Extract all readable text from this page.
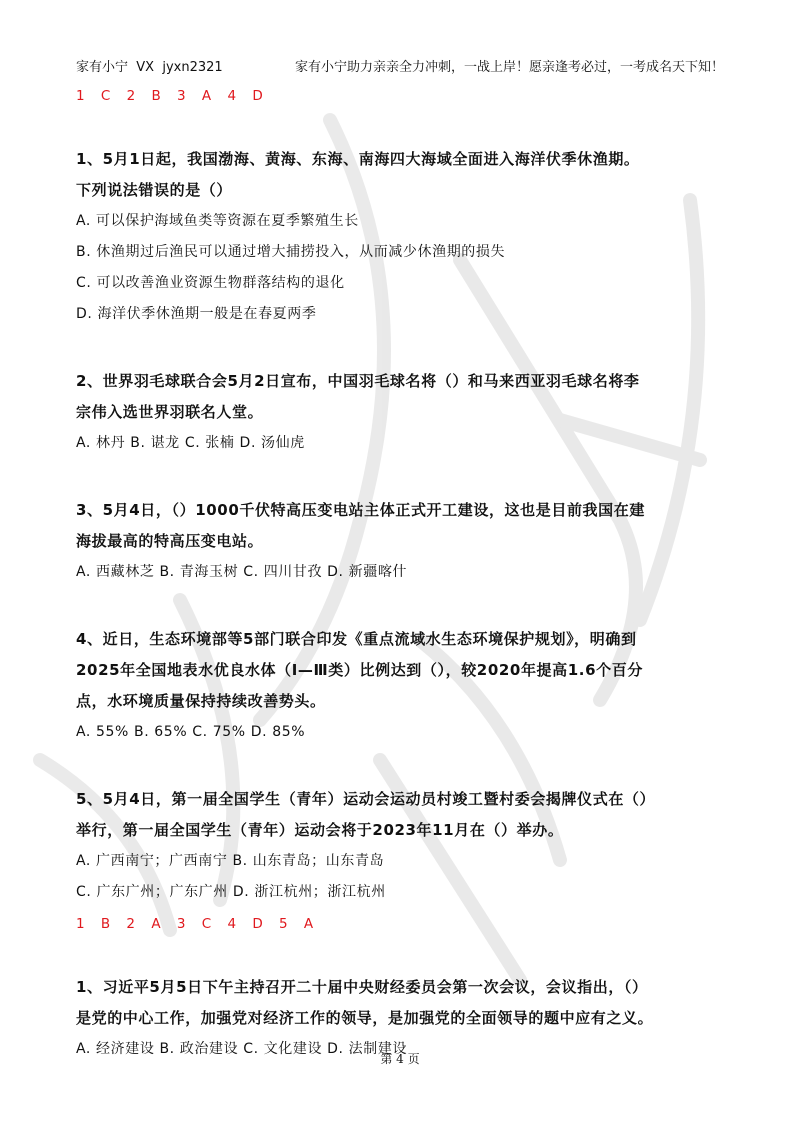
家有小宁  VX  jyxn2321	家有小宁助力亲亲全力冲刺，一战上岸！愿亲逢考必过，一考成名天下知！
1 C 2 B 3 A 4 D
1、5月1日起，我国渤海、黄海、东海、南海四大海域全面进入海洋伏季休渔期。
下列说法错误的是（）
A. 可以保护海域鱼类等资源在夏季繁殖生长
B. 休渔期过后渔民可以通过增大捕捞投入，从而减少休渔期的损失
C. 可以改善渔业资源生物群落结构的退化
D. 海洋伏季休渔期一般是在春夏两季
2、世界羽毛球联合会5月2日宣布，中国羽毛球名将（）和马来西亚羽毛球名将李
宗伟入选世界羽联名人堂。
A. 林丹 B. 谌龙 C. 张楠 D. 汤仙虎
3、5月4日，（）1000千伏特高压变电站主体正式开工建设，这也是目前我国在建
海拔最高的特高压变电站。
A. 西藏林芝 B. 青海玉树 C. 四川甘孜 D. 新疆喀什
4、近日，生态环境部等5部门联合印发《重点流域水生态环境保护规划》，明确到
2025年全国地表水优良水体（Ⅰ—Ⅲ类）比例达到（），较2020年提高1.6个百分
点，水环境质量保持持续改善势头。
A. 55% B. 65% C. 75% D. 85%
5、5月4日，第一届全国学生（青年）运动会运动员村竣工暨村委会揭牌仪式在（）
举行，第一届全国学生（青年）运动会将于2023年11月在（）举办。
A. 广西南宁；广西南宁 B. 山东青岛；山东青岛
C. 广东广州；广东广州 D. 浙江杭州；浙江杭州
1 B 2 A 3 C 4 D 5 A
1、习近平5月5日下午主持召开二十届中央财经委员会第一次会议，会议指出，（）
是党的中心工作，加强党对经济工作的领导，是加强党的全面领导的题中应有之义。
A. 经济建设 B. 政治建设 C. 文化建设 D. 法制建设
第 4 页
